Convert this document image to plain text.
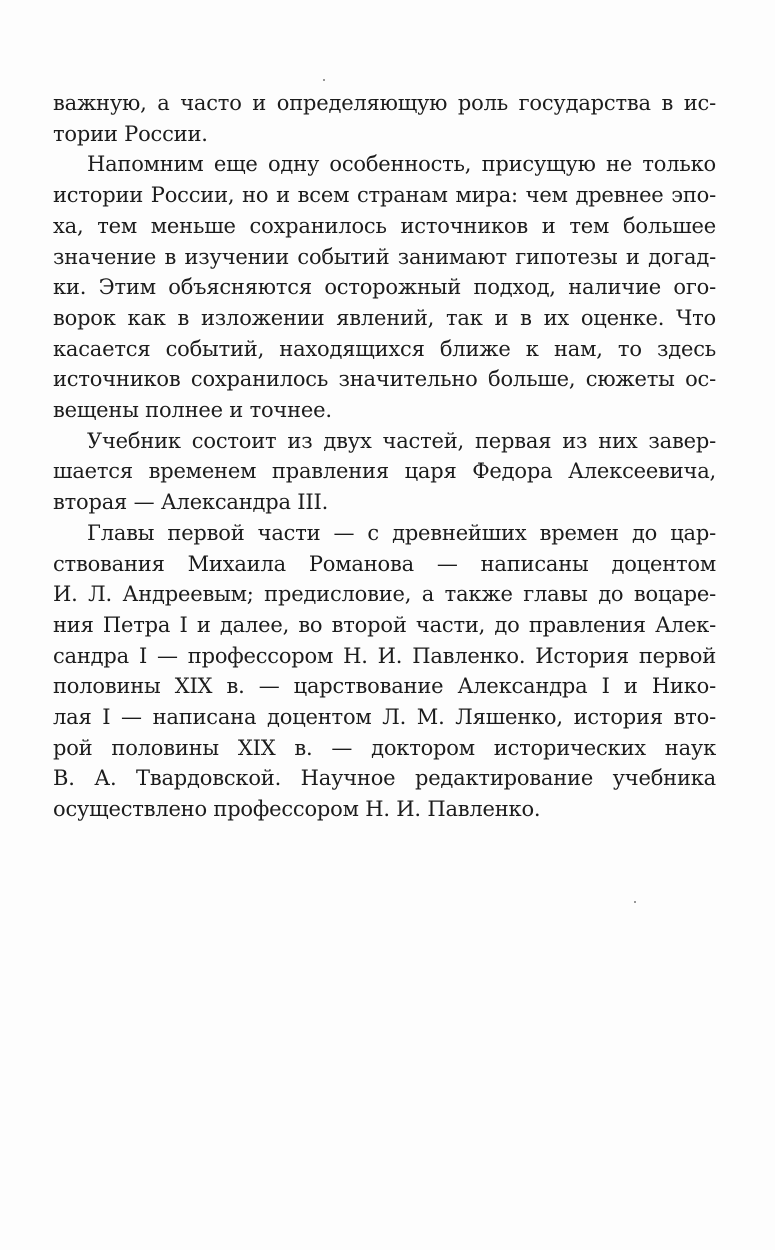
важную, а часто и определяющую роль государства в ис-
тории России.
Напомним еще одну особенность, присущую не только
истории России, но и всем странам мира: чем древнее эпо-
ха, тем меньше сохранилось источников и тем большее
значение в изучении событий занимают гипотезы и догад-
ки. Этим объясняются осторожный подход, наличие ого-
ворок как в изложении явлений, так и в их оценке. Что
касается событий, находящихся ближе к нам, то здесь
источников сохранилось значительно больше, сюжеты ос-
вещены полнее и точнее.
Учебник состоит из двух частей, первая из них завер-
шается временем правления царя Федора Алексеевича,
вторая — Александра III.
Главы первой части — с древнейших времен до цар-
ствования Михаила Романова — написаны доцентом
И. Л. Андреевым; предисловие, а также главы до воцаре-
ния Петра I и далее, во второй части, до правления Алек-
сандра I — профессором Н. И. Павленко. История первой
половины XIX в. — царствование Александра I и Нико-
лая I — написана доцентом Л. М. Ляшенко, история вто-
рой половины XIX в. — доктором исторических наук
В. А. Твардовской. Научное редактирование учебника
осуществлено профессором Н. И. Павленко.
